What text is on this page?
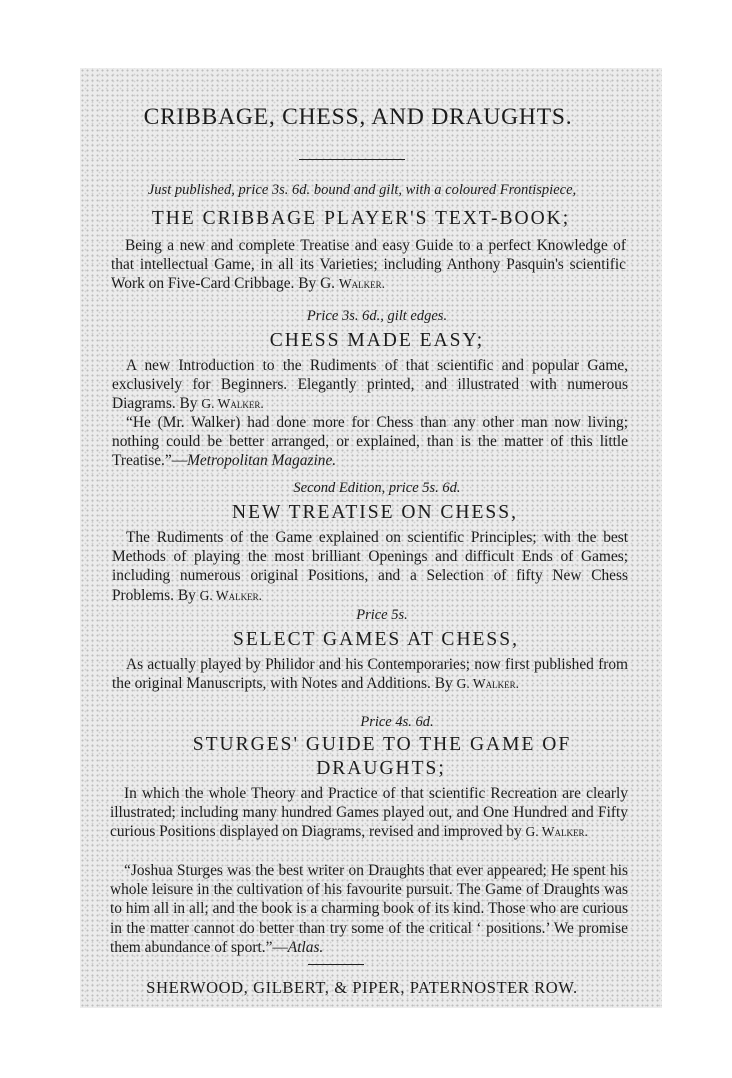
CRIBBAGE, CHESS, AND DRAUGHTS.
Just published, price 3s. 6d. bound and gilt, with a coloured Frontispiece,
THE CRIBBAGE PLAYER'S TEXT-BOOK;
Being a new and complete Treatise and easy Guide to a perfect Knowledge of that intellectual Game, in all its Varieties; including Anthony Pasquin's scientific Work on Five-Card Cribbage. By G. Walker.
Price 3s. 6d., gilt edges.
CHESS MADE EASY;
A new Introduction to the Rudiments of that scientific and popular Game, exclusively for Beginners. Elegantly printed, and illustrated with numerous Diagrams. By G. Walker.
“He (Mr. Walker) had done more for Chess than any other man now living; nothing could be better arranged, or explained, than is the matter of this little Treatise.”—Metropolitan Magazine.
Second Edition, price 5s. 6d.
NEW TREATISE ON CHESS,
The Rudiments of the Game explained on scientific Principles; with the best Methods of playing the most brilliant Openings and difficult Ends of Games; including numerous original Positions, and a Selection of fifty New Chess Problems. By G. Walker.
Price 5s.
SELECT GAMES AT CHESS,
As actually played by Philidor and his Contemporaries; now first published from the original Manuscripts, with Notes and Additions. By G. Walker.
Price 4s. 6d.
STURGES' GUIDE TO THE GAME OF
DRAUGHTS;
In which the whole Theory and Practice of that scientific Recreation are clearly illustrated; including many hundred Games played out, and One Hundred and Fifty curious Positions displayed on Diagrams, revised and improved by G. Walker.
“Joshua Sturges was the best writer on Draughts that ever appeared; He spent his whole leisure in the cultivation of his favourite pursuit. The Game of Draughts was to him all in all; and the book is a charming book of its kind. Those who are curious in the matter cannot do better than try some of the critical ‘ positions.’ We promise them abundance of sport.”—Atlas.
SHERWOOD, GILBERT, & PIPER, PATERNOSTER ROW.
